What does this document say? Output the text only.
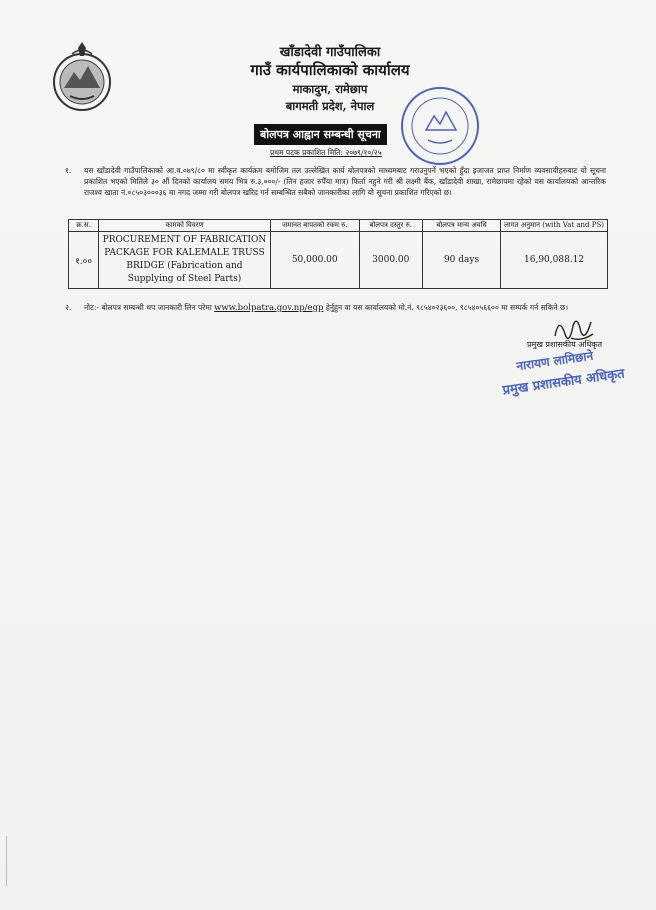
खाँडादेवी गाउँपालिका
गाउँ कार्यपालिकाको कार्यालय
माकादुम, रामेछाप
बागमती प्रदेश, नेपाल
बोलपत्र आह्वान सम्बन्धी सूचना
प्रथम पटक प्रकाशित मिति: २०७९/१०/२५
१. यस खाँडादेवी गाउँपालिकाको आ.व.०७९/८० मा स्वीकृत कार्यक्रम बमोजिम तल उल्लेखित कार्य बोलपत्रको माध्यमबाट गराउनुपर्ने भएको हुँदा इजाजत प्राप्त निर्माण व्यवसायीहरुबाट यो सूचना प्रकाशित भएको मितिले ३० औं दिनको कार्यालय समय भित्र रु.३,०००/- (तिन हजार रुपैँया मात्र) फिर्ता नहुने गरी श्री लक्ष्मी बैंक, खाँडादेवी शाखा, रामेछापमा रहेको यस कार्यालयको आन्तरिक राजश्व खाता नं.०८५०३०००३६ मा नगद जम्मा गरी बोलपत्र खरिद गर्न सम्बन्धित सबैको जानकारीका लागि यो सूचना प्रकाशित गरिएको छ।
क्र.स.	कामको विवरण	जमानत बापतको रकम रु.	बोलपत्र दस्तुर रु.	बोलपत्र मान्य अवधि	लागत अनुमान (with Vat and PS)
१.००	PROCUREMENT OF FABRICATION PACKAGE FOR KALEMALE TRUSS BRIDGE (Fabrication and Supplying of Steel Parts)	50,000.00	3000.00	90 days	16,90,088.12
२. नोट:- बोलपत्र सम्बन्धी थप जानकारी लिन परेमा www.bolpatra.gov.np/egp हेर्नुहुन वा यस कार्यालयको मो.नं. ९८५४०२३६००, ९८५४०५६६०० मा सम्पर्क गर्न सकिने छ।
प्रमुख प्रशासकीय अधिकृत
नारायण लामिछाने
प्रमुख प्रशासकीय अधिकृत
